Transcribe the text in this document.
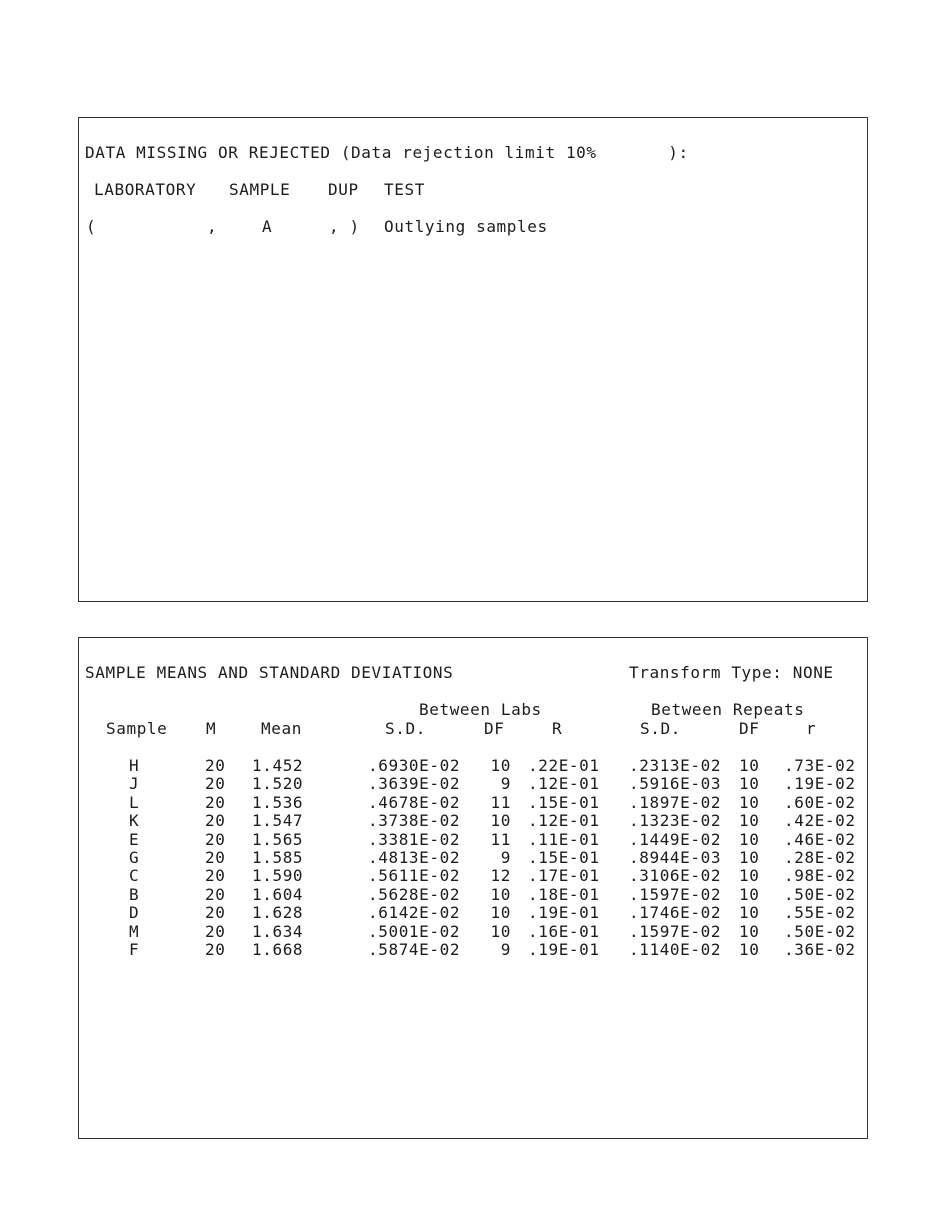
DATA MISSING OR REJECTED (Data rejection limit 10%       ):
LABORATORY SAMPLE DUP TEST
(	,	A	, ) Outlying samples
SAMPLE MEANS AND STANDARD DEVIATIONS	Transform Type: NONE
Between Labs	Between Repeats
Sample M	Mean	S.D.	DF	R	S.D.	DF	r
H	20 1.452	.6930E-02	10 .22E-01 .2313E-02 10	.73E-02
J	20 1.520	.3639E-02	9 .12E-01 .5916E-03 10	.19E-02
L	20 1.536	.4678E-02	11 .15E-01 .1897E-02 10	.60E-02
K	20 1.547	.3738E-02	10 .12E-01 .1323E-02 10	.42E-02
E	20 1.565	.3381E-02	11 .11E-01 .1449E-02 10	.46E-02
G	20 1.585	.4813E-02	9 .15E-01 .8944E-03 10	.28E-02
C	20 1.590	.5611E-02	12 .17E-01 .3106E-02 10	.98E-02
B	20 1.604	.5628E-02	10 .18E-01 .1597E-02 10	.50E-02
D	20 1.628	.6142E-02	10 .19E-01 .1746E-02 10	.55E-02
M	20 1.634	.5001E-02	10 .16E-01 .1597E-02 10	.50E-02
F	20 1.668	.5874E-02	9 .19E-01 .1140E-02 10	.36E-02
